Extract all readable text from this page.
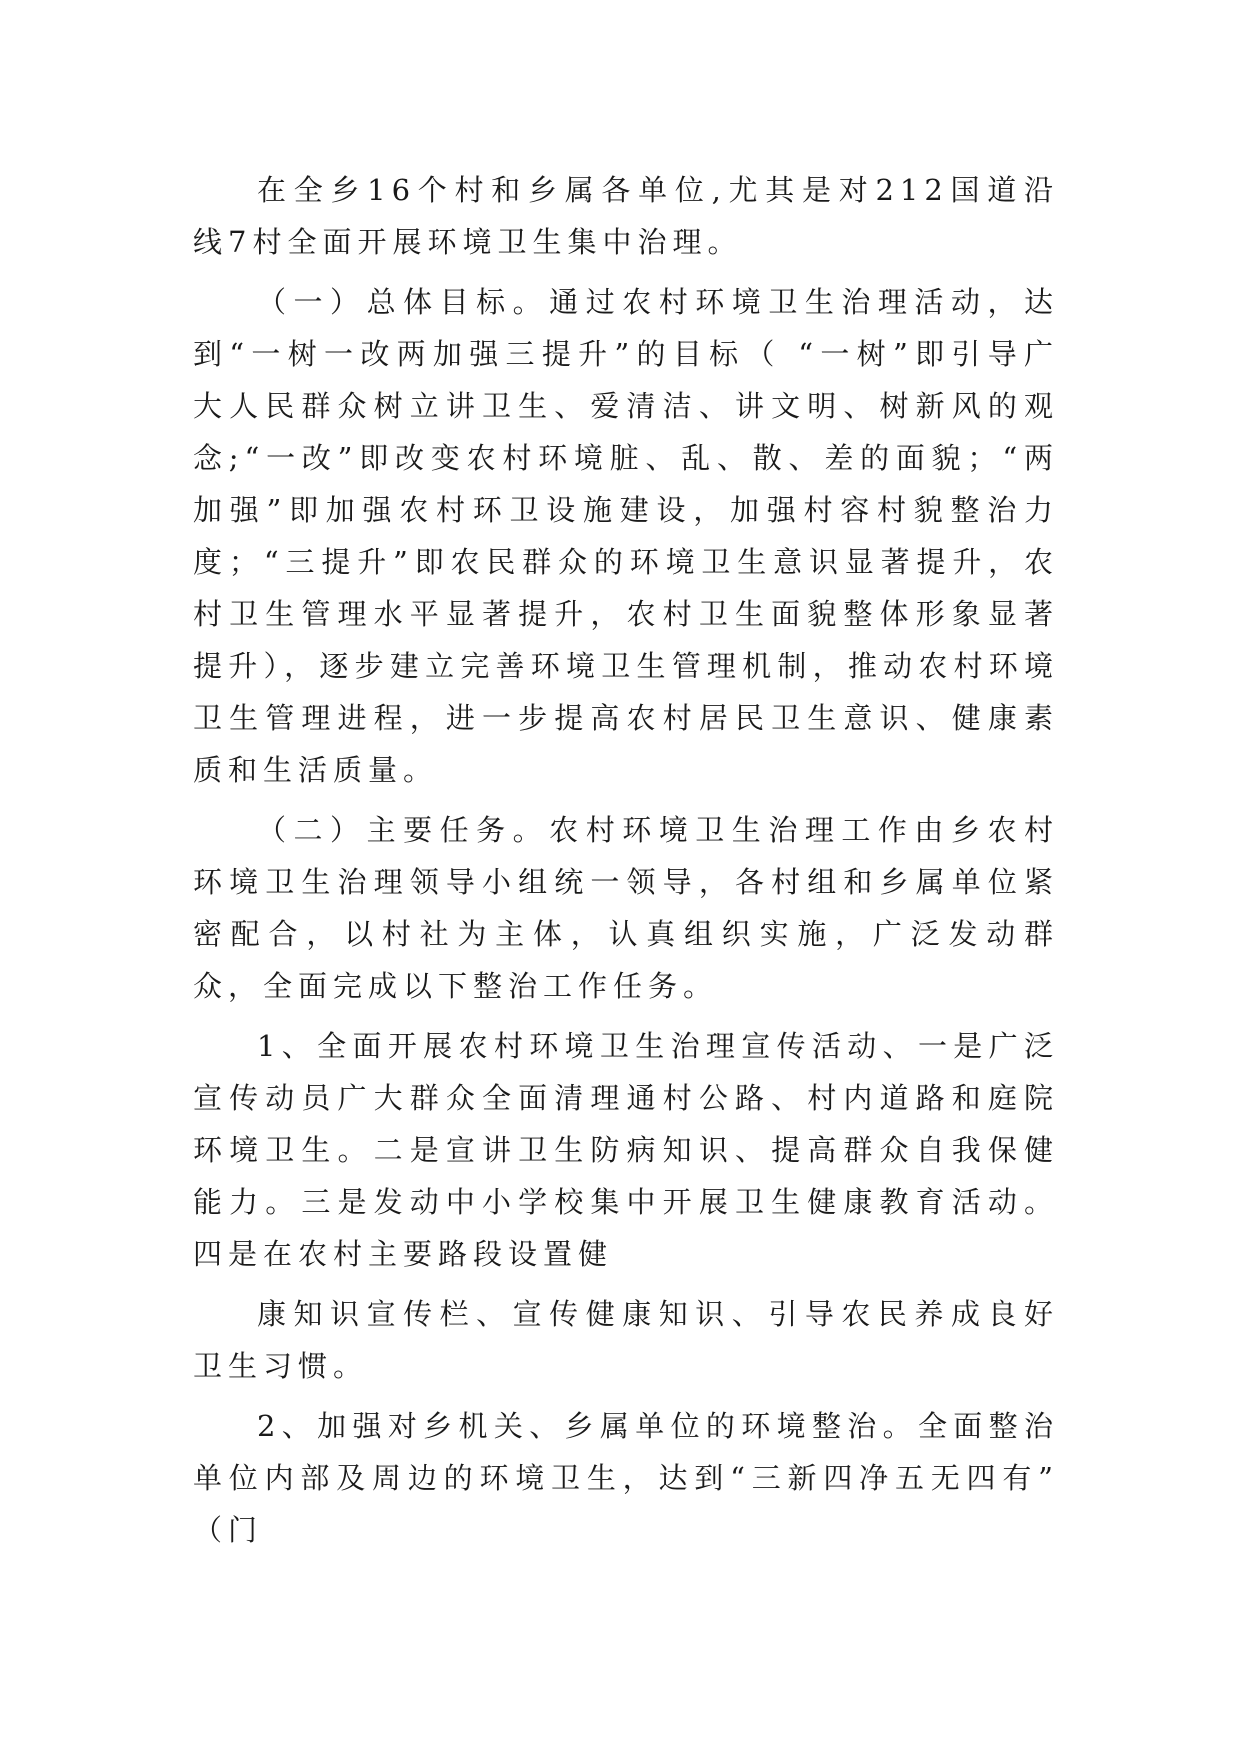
在全乡16个村和乡属各单位,尤其是对212国道沿线7村全面开展环境卫生集中治理。

（一）总体目标。通过农村环境卫生治理活动，达到“一树一改两加强三提升”的目标（ “一树”即引导广大人民群众树立讲卫生、爱清洁、讲文明、树新风的观念;“一改”即改变农村环境脏、乱、散、差的面貌；“两加强”即加强农村环卫设施建设，加强村容村貌整治力度；“三提升”即农民群众的环境卫生意识显著提升，农村卫生管理水平显著提升，农村卫生面貌整体形象显著提升），逐步建立完善环境卫生管理机制，推动农村环境卫生管理进程，进一步提高农村居民卫生意识、健康素质和生活质量。

（二）主要任务。农村环境卫生治理工作由乡农村环境卫生治理领导小组统一领导，各村组和乡属单位紧密配合，以村社为主体，认真组织实施，广泛发动群众，全面完成以下整治工作任务。

1、全面开展农村环境卫生治理宣传活动、一是广泛宣传动员广大群众全面清理通村公路、村内道路和庭院环境卫生。二是宣讲卫生防病知识、提高群众自我保健能力。三是发动中小学校集中开展卫生健康教育活动。四是在农村主要路段设置健

康知识宣传栏、宣传健康知识、引导农民养成良好卫生习惯。

2、加强对乡机关、乡属单位的环境整治。全面整治单位内部及周边的环境卫生，达到“三新四净五无四有” （门
